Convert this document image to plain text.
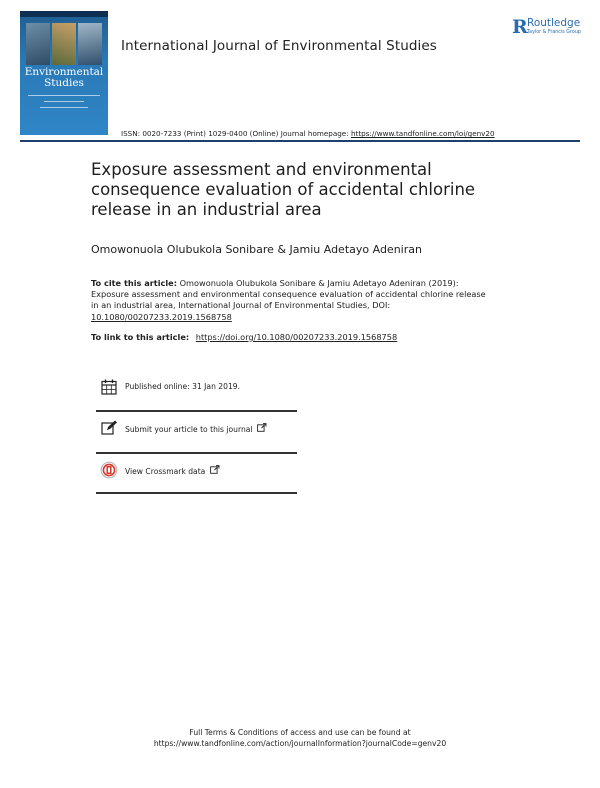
Environmental
Studies
International Journal of Environmental Studies
R Routledge
Taylor & Francis Group
ISSN: 0020-7233 (Print) 1029-0400 (Online) Journal homepage: https://www.tandfonline.com/loi/genv20
Exposure assessment and environmental consequence evaluation of accidental chlorine release in an industrial area
Omowonuola Olubukola Sonibare & Jamiu Adetayo Adeniran
To cite this article: Omowonuola Olubukola Sonibare & Jamiu Adetayo Adeniran (2019): Exposure assessment and environmental consequence evaluation of accidental chlorine release in an industrial area, International Journal of Environmental Studies, DOI: 10.1080/00207233.2019.1568758
To link to this article: https://doi.org/10.1080/00207233.2019.1568758
Published online: 31 Jan 2019.
Submit your article to this journal
View Crossmark data
Full Terms & Conditions of access and use can be found at
https://www.tandfonline.com/action/journalInformation?journalCode=genv20
